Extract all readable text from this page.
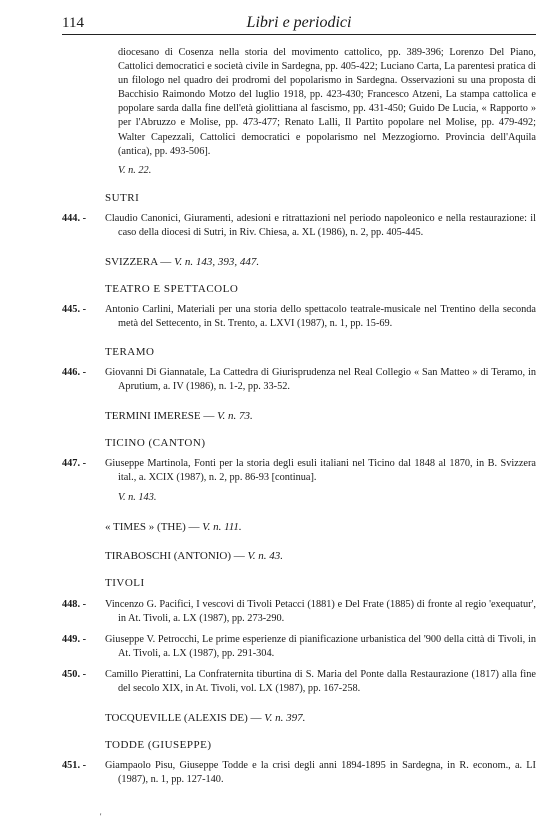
114	Libri e periodici
diocesano di Cosenza nella storia del movimento cattolico, pp. 389-396; Lorenzo Del Piano, Cattolici democratici e società civile in Sardegna, pp. 405-422; Luciano Carta, La parentesi pratica di un filologo nel quadro dei prodromi del popolarismo in Sardegna. Osservazioni su una proposta di Bacchisio Raimondo Motzo del luglio 1918, pp. 423-430; Francesco Atzeni, La stampa cattolica e popolare sarda dalla fine dell'età giolittiana al fascismo, pp. 431-450; Guido De Lucia, « Rapporto » per l'Abruzzo e Molise, pp. 473-477; Renato Lalli, Il Partito popolare nel Molise, pp. 479-492; Walter Capezzali, Cattolici democratici e popolarismo nel Mezzogiorno. Provincia dell'Aquila (antica), pp. 493-506].
V. n. 22.
SUTRI
444. -	Claudio Canonici, Giuramenti, adesioni e ritrattazioni nel periodo napoleonico e nella restaurazione: il caso della diocesi di Sutri, in Riv. Chiesa, a. XL (1986), n. 2, pp. 405-445.
SVIZZERA — V. n. 143, 393, 447.
TEATRO E SPETTACOLO
445. -	Antonio Carlini, Materiali per una storia dello spettacolo teatrale-musicale nel Trentino della seconda metà del Settecento, in St. Trento, a. LXVI (1987), n. 1, pp. 15-69.
TERAMO
446. -	Giovanni Di Giannatale, La Cattedra di Giurisprudenza nel Real Collegio « San Matteo » di Teramo, in Aprutium, a. IV (1986), n. 1-2, pp. 33-52.
TERMINI IMERESE — V. n. 73.
TICINO (CANTON)
447. -	Giuseppe Martinola, Fonti per la storia degli esuli italiani nel Ticino dal 1848 al 1870, in B. Svizzera ital., a. XCIX (1987), n. 2, pp. 86-93 [continua].
V. n. 143.
« TIMES » (THE) — V. n. 111.
TIRABOSCHI (ANTONIO) — V. n. 43.
TIVOLI
448. -	Vincenzo G. Pacifici, I vescovi di Tivoli Petacci (1881) e Del Frate (1885) di fronte al regio 'exequatur', in At. Tivoli, a. LX (1987), pp. 273-290.
449. -	Giuseppe V. Petrocchi, Le prime esperienze di pianificazione urbanistica del '900 della città di Tivoli, in At. Tivoli, a. LX (1987), pp. 291-304.
450. -	Camillo Pierattini, La Confraternita tiburtina di S. Maria del Ponte dalla Restaurazione (1817) alla fine del secolo XIX, in At. Tivoli, vol. LX (1987), pp. 167-258.
TOCQUEVILLE (ALEXIS DE) — V. n. 397.
TODDE (GIUSEPPE)
451. -	Giampaolo Pisu, Giuseppe Todde e la crisi degli anni 1894-1895 in Sardegna, in R. econom., a. LI (1987), n. 1, pp. 127-140.
'
